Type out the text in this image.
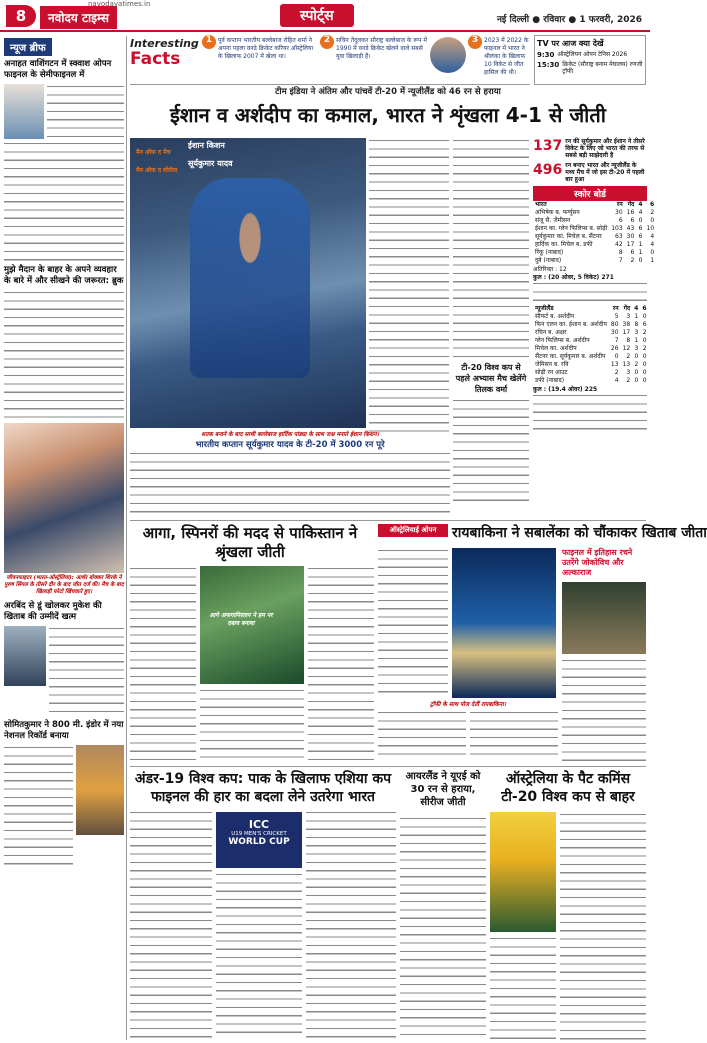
8	नवोदय टाइम्स
navodayatimes.in
स्पोर्ट्स	नई दिल्ली ● रविवार ● 1 फरवरी, 2026
न्यूज ब्रीफ
अनाहत वाशिंगटन में स्क्वाश ओपन फाइनल के सेमीफाइनल में
मुझे मैदान के बाहर के अपने व्यवहार के बारे में और सीखने की जरूरत: ब्रुक
जीवनफाइटर (भारत-ऑस्ट्रेलिया): आर्थर बोक्कर शिरके ने पुरुष सिंगल के तीसरे दौर के बाद जीत दर्ज की। मैच के बाद खिलाड़ी फोटो खिंचवाते हुए।
अरबिंद से डूं खोलकर मुकेश की खिताब की उम्मीदें खत्म
सोमितकुमार ने 800 मी. इंडोर में नया नेशनल रिकॉर्ड बनाया
Interesting
Facts
1 पूर्व कप्तान भारतीय बल्लेबाज रोहित शर्मा ने अपना पहला वनडे क्रिकेट करियर ऑस्ट्रेलिया के खिलाफ 2007 में खेला था।
2 सचिन तेंदुलकर सौराष्ट्र बल्लेबाज के रूप में 1990 में वनडे क्रिकेट खेलने वाले सबसे युवा खिलाड़ी हैं।
3 2023 में 2022 के फाइनल में भारत ने श्रीलंका के खिलाफ 10 विकेट से जीत हासिल की थी।
TV पर आज क्या देखें
9:30 ऑस्ट्रेलियन ओपन टेनिस 2026
15:30 क्रिकेट (सौराष्ट्र बनाम मेघालय) रणजी ट्रॉफी
टीम इंडिया ने अंतिम और पांचवें टी-20 में न्यूजीलैंड को 46 रन से हराया
ईशान व अर्शदीप का कमाल, भारत ने शृंखला 4-1 से जीती
मैन ऑफ द मैच
ईशान किशन
मैन ऑफ द सीरीज
सूर्यकुमार यादव
टी-20 विश्व कप से पहले अभ्यास मैच खेलेंगे तिलक वर्मा
शतक बनाने के बाद साथी बल्लेबाज हार्दिक पांड्या के साथ जश्न मनाते ईशान किशन।
भारतीय कप्तान सूर्यकुमार यादव के टी-20 में 3000 रन पूरे
137 रन की सूर्यकुमार और ईशान ने तीसरे विकेट के लिए जो भारत की तरफ से सबसे बड़ी साझेदारी है
496 रन बनाए भारत और न्यूजीलैंड के मध्य मैच में जो इस टी-20 में पहली बार हुआ
स्कोर बोर्ड
भारत	रन	गेंद	4	6
अभिषेक ब. फर्ग्युसन	30	16	4	2
संजू सै. जैमीसन	6	6	0	0
ईशान का. ग्लेन फिलिप्स ब. सोढ़ी	103	43	6	10
सूर्यकुमार का. मिचेल ब. सैंटनर	63	30	6	4
हार्दिक का. मिचेल ब. डफी	42	17	1	4
रिंकू (नाबाद)	8	6	1	0
दुबे (नाबाद)	7	2	0	1
अतिरिक्त : 12
कुल : (20 ओवर, 5 विकेट) 271
न्यूजीलैंड	रन	गेंद	4	6
सीफर्ट ब. अर्शदीप	5	3	1	0
फिन एलन का. ईशान ब. अर्शदीप	80	38	8	6
रचिन ब. अक्षर	30	17	3	2
ग्लेन फिलिप्स ब. अर्शदीप	7	8	1	0
मिचेल का. अर्शदीप	26	12	3	2
सैंटनर का. सूर्यकुमार ब. अर्शदीप	0	2	0	0
जेमिसन ब. रवि	13	13	2	0
सोढ़ी रन आउट	2	3	0	0
डफी (नाबाद)	4	2	0	0
कुल : (19.4 ओवर) 225
आगा, स्पिनरों की मदद से पाकिस्तान ने श्रृंखला जीती
आगे अफगानिस्तान ने हम पर दबाव बनाया
ऑस्ट्रेलियाई ओपन	रायबाकिना ने सबालेंका को चौंकाकर खिताब जीता
ट्रॉफी के साथ पोज देतीं रायबाकिना।
फाइनल में इतिहास रचने उतरेंगे जोकोविच और अल्काराज
अंडर-19 विश्व कप: पाक के खिलाफ एशिया कप फाइनल की हार का बदला लेने उतरेगा भारत
ICC
U19 MEN'S CRICKET
WORLD CUP
आयरलैंड ने यूएई को 30 रन से हराया, सीरीज जीती
ऑस्ट्रेलिया के पैट कमिंस टी-20 विश्व कप से बाहर
